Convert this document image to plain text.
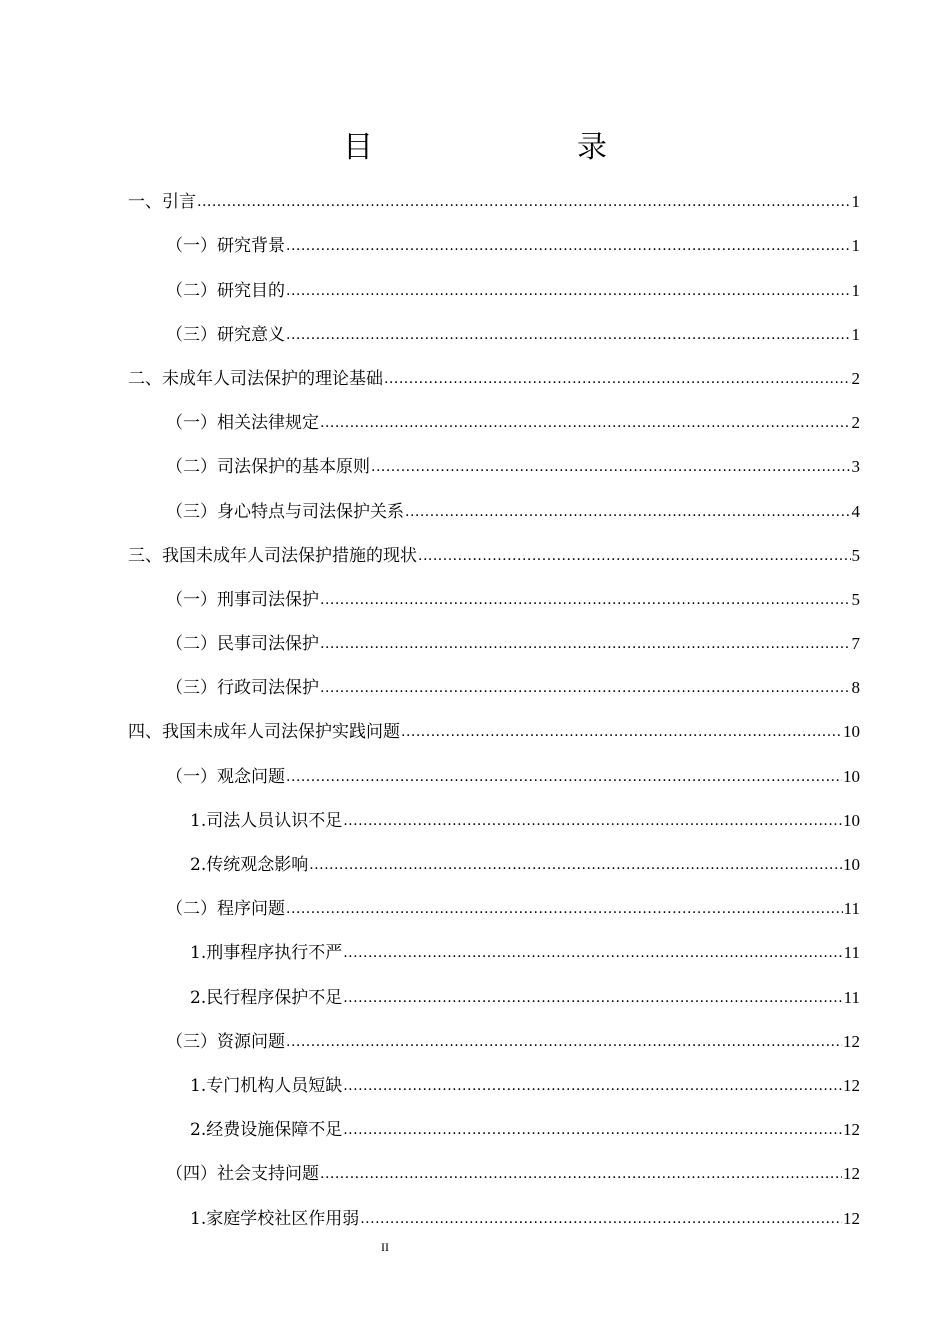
目　　录
一、引言 .....	1
（一）研究背景 .....	1
（二）研究目的 .....	1
（三）研究意义 .....	1
二、未成年人司法保护的理论基础 .....	2
（一）相关法律规定 .....	2
（二）司法保护的基本原则 .....	3
（三）身心特点与司法保护关系 .....	4
三、我国未成年人司法保护措施的现状 .....	5
（一）刑事司法保护 .....	5
（二）民事司法保护 .....	7
（三）行政司法保护 .....	8
四、我国未成年人司法保护实践问题 .....	10
（一）观念问题 .....	10
1.司法人员认识不足 .....	10
2.传统观念影响 .....	10
（二）程序问题 .....	11
1.刑事程序执行不严 .....	11
2.民行程序保护不足 .....	11
（三）资源问题 .....	12
1.专门机构人员短缺 .....	12
2.经费设施保障不足 .....	12
（四）社会支持问题 .....	12
1.家庭学校社区作用弱 .....	12
II
